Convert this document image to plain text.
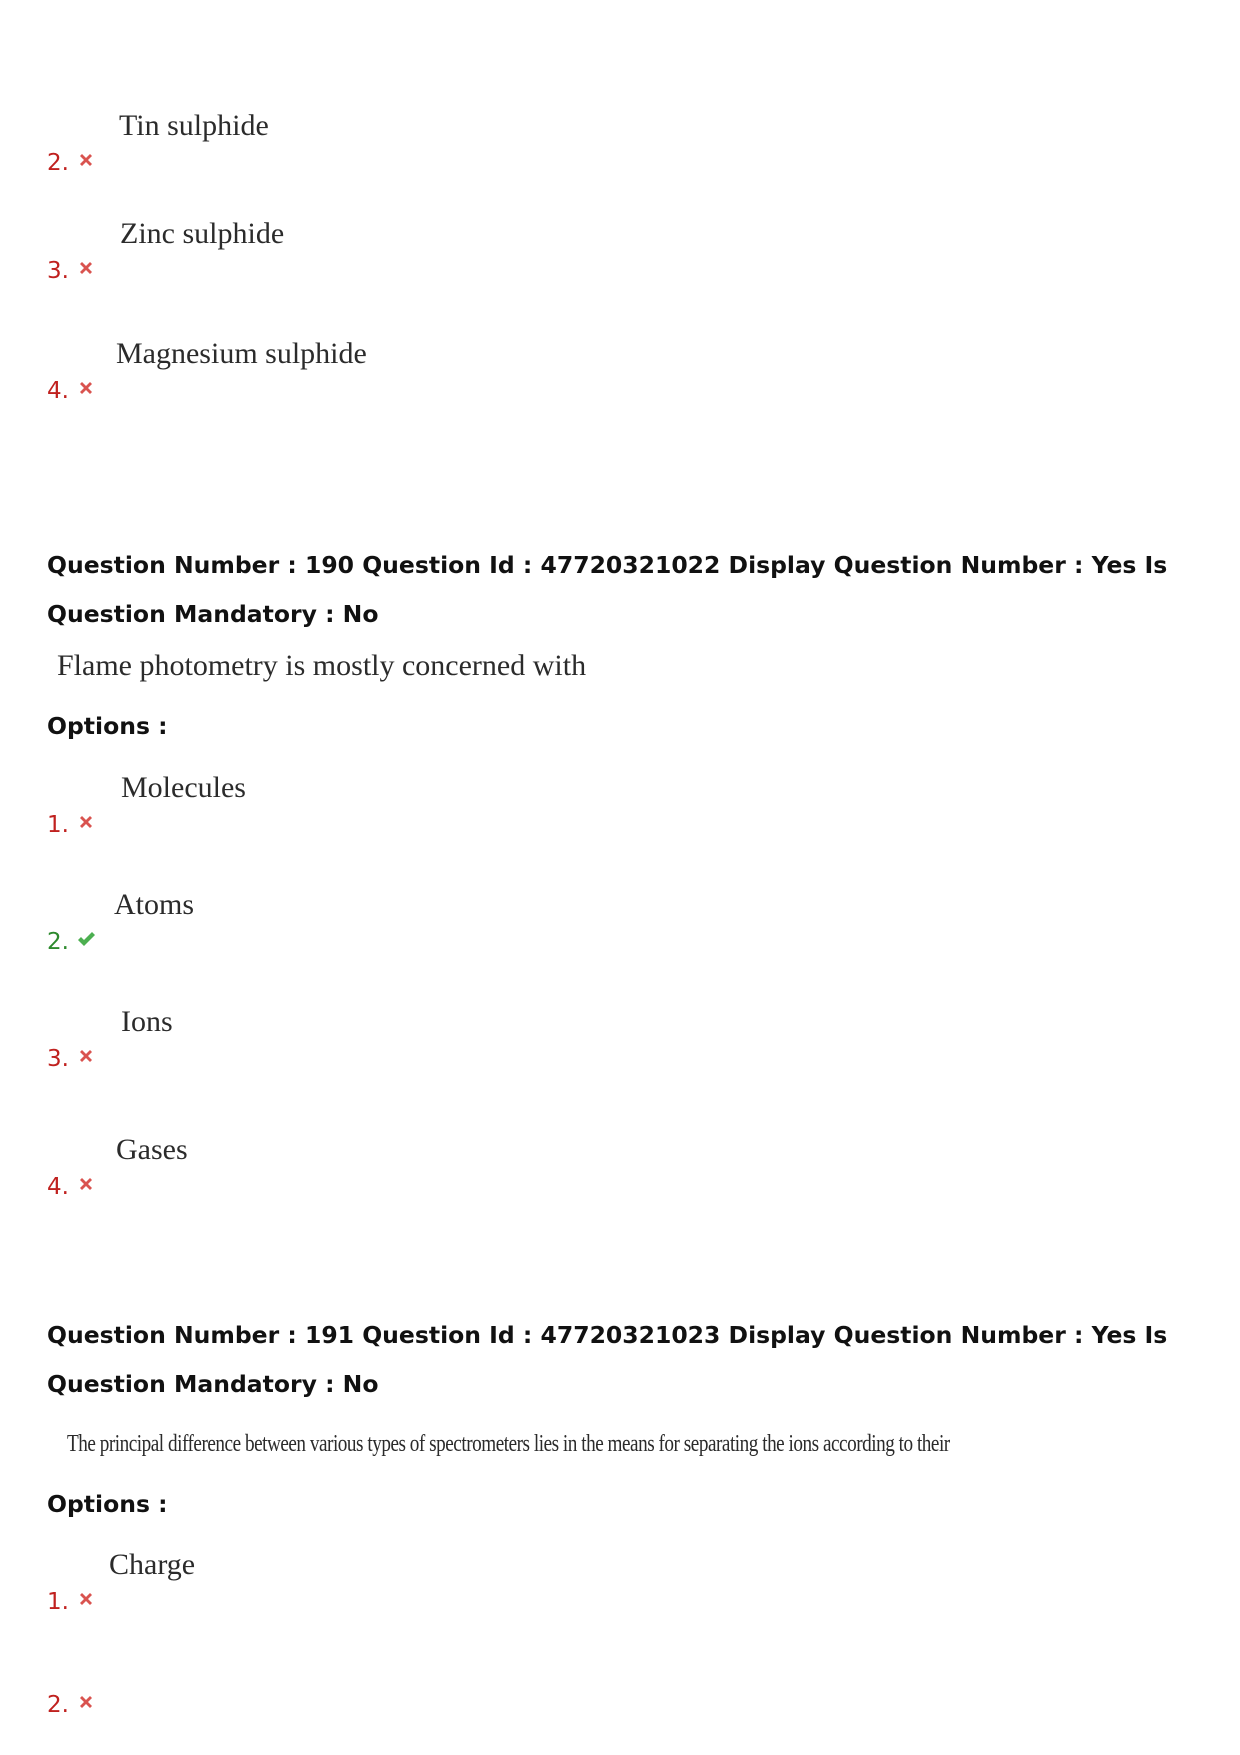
2.
Tin sulphide
3.
Zinc sulphide
4.
Magnesium sulphide
Question Number : 190 Question Id : 47720321022 Display Question Number : Yes Is Question Mandatory : No
Flame photometry is mostly concerned with
Options :
1.
Molecules
2.
Atoms
3.
Ions
4.
Gases
Question Number : 191 Question Id : 47720321023 Display Question Number : Yes Is Question Mandatory : No
The principal difference between various types of spectrometers lies in the means for separating the ions according to their
Options :
1.
Charge
2.
